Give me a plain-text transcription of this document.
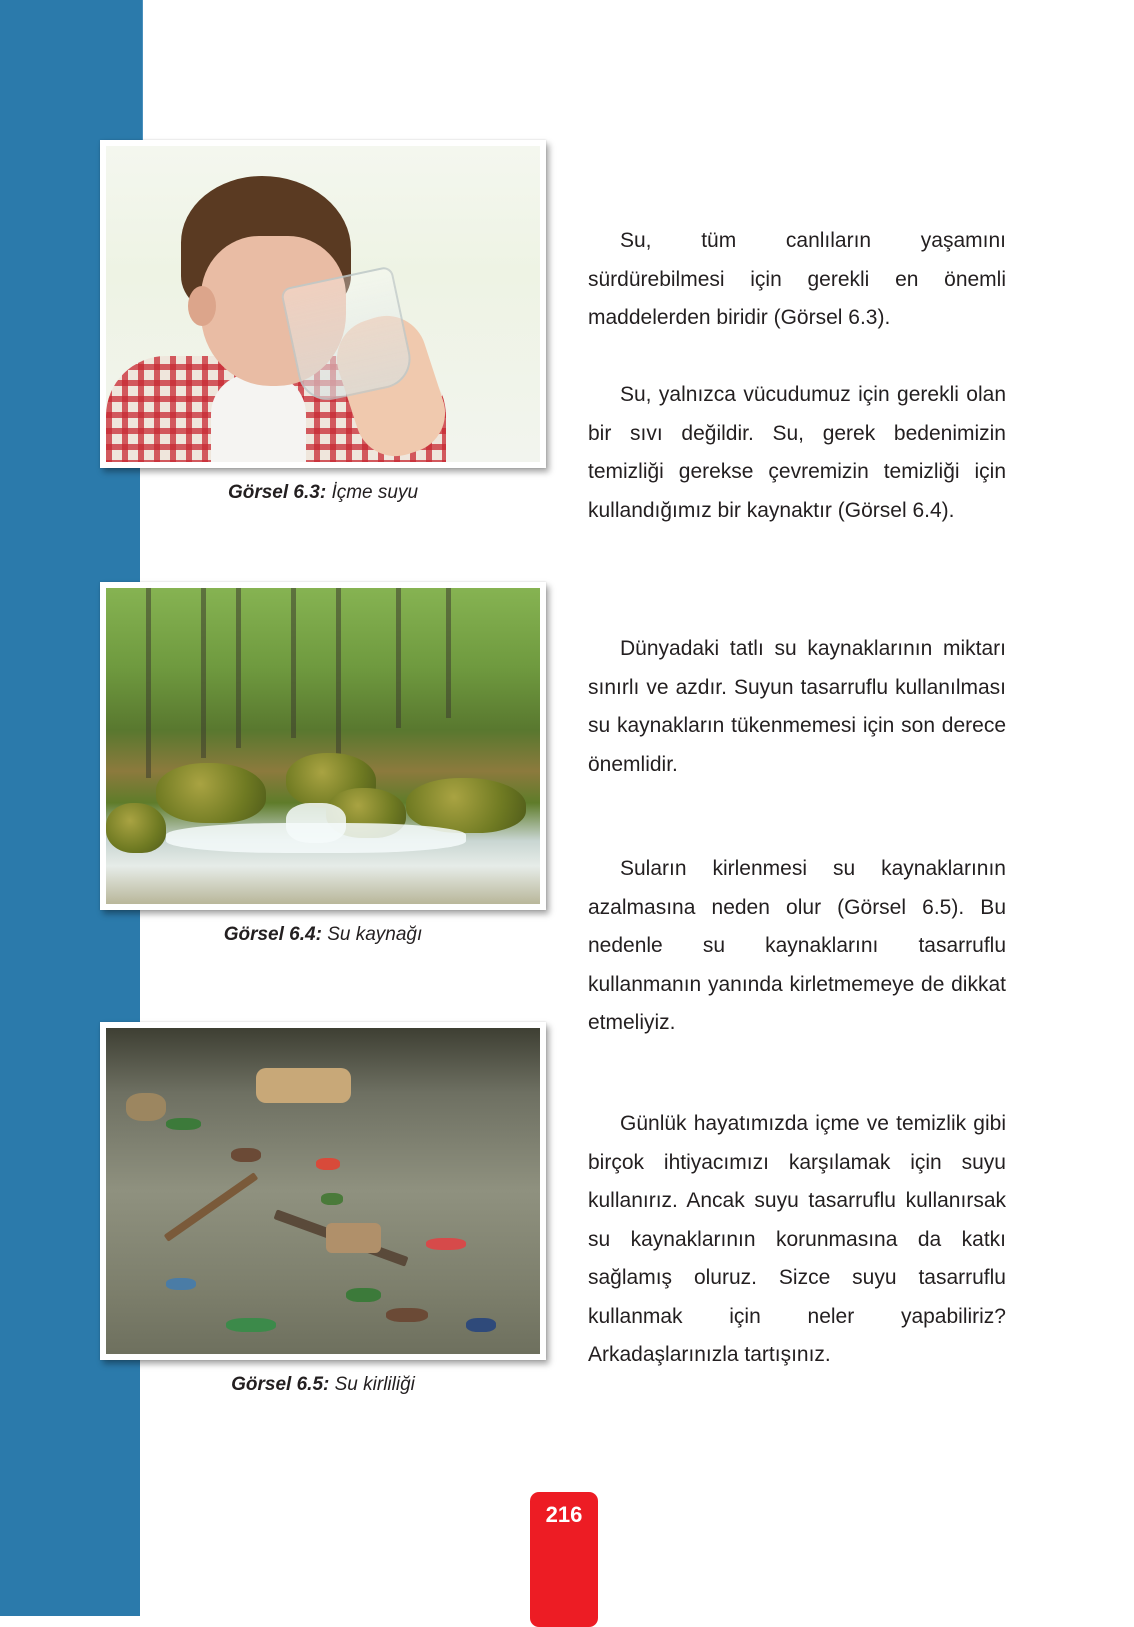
Görsel 6.3: İçme suyu
Görsel 6.4: Su kaynağı
Görsel 6.5: Su kirliliği

Su, tüm canlıların yaşamını sürdürebilmesi için gerekli en önemli maddelerden biridir (Görsel 6.3).

Su, yalnızca vücudumuz için gerekli olan bir sıvı değildir. Su, gerek bedenimizin temizliği gerekse çevremizin temizliği için kullandığımız bir kaynaktır (Görsel 6.4).

Dünyadaki tatlı su kaynaklarının miktarı sınırlı ve azdır. Suyun tasarruflu kullanılması su kaynakların tükenmemesi için son derece önemlidir.

Suların kirlenmesi su kaynaklarının azalmasına neden olur (Görsel 6.5). Bu nedenle su kaynaklarını tasarruflu kullanmanın yanında kirletmemeye de dikkat etmeliyiz.

Günlük hayatımızda içme ve temizlik gibi birçok ihtiyacımızı karşılamak için suyu kullanırız. Ancak suyu tasarruflu kullanırsak su kaynaklarının korunmasına da katkı sağlamış oluruz. Sizce suyu tasarruflu kullanmak için neler yapabiliriz? Arkadaşlarınızla tartışınız.

216
